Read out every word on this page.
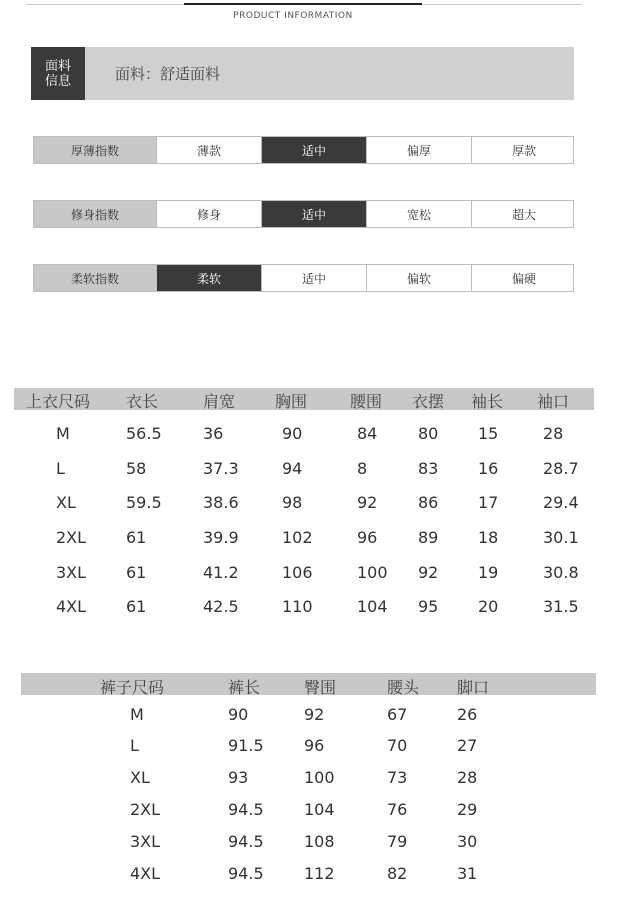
PRODUCT INFORMATION
面料
信息	面料：舒适面料
厚薄指数	薄款	适中	偏厚	厚款
修身指数	修身	适中	宽松	超大
柔软指数	柔软	适中	偏软	偏硬
上衣尺码 衣长	肩宽 胸围	腰围 衣摆 袖长 袖口
M	56.5	36	90	84	80 15	28
L	58	37.3	94	8	83 16	28.7
XL	59.5	38.6	98	92	86 17	29.4
2XL 61	39.9	102	96	89 18	30.1
3XL 61	41.2	106	100 92 19	30.8
4XL 61	42.5	110	104 95 20	31.5
裤子尺码	裤长	臀围	腰头 脚口
M	90	92	67	26
L	91.5	96	70	27
XL	93	100	73	28
2XL	94.5	104	76	29
3XL	94.5	108	79	30
4XL	94.5	112	82	31
